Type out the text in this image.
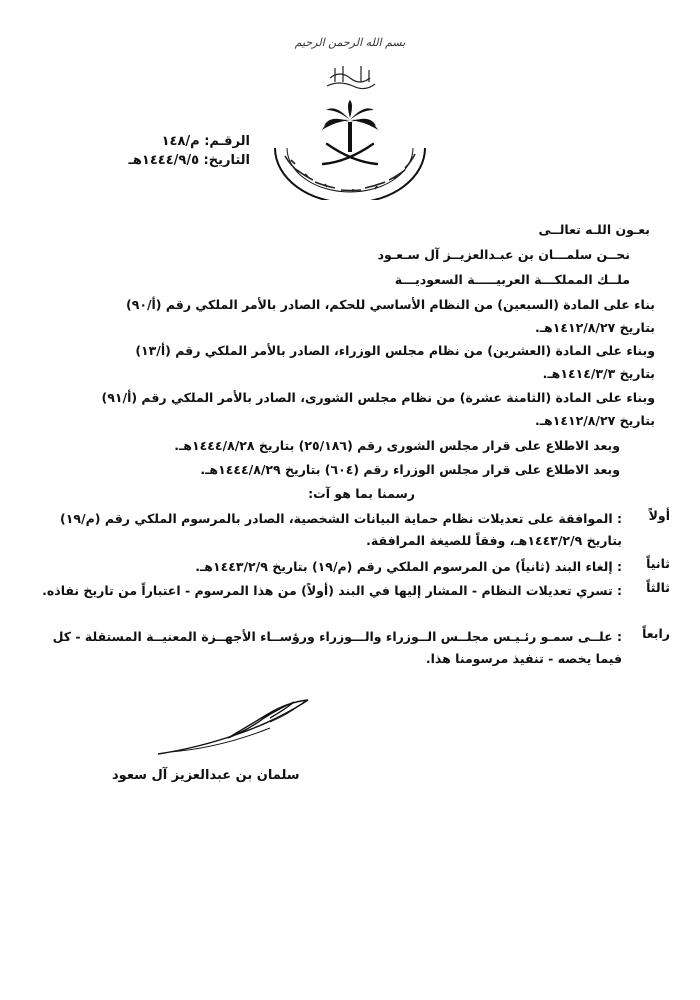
بسم الله الرحمن الرحيم
الرقـم: م/١٤٨
التاريخ: ١٤٤٤/٩/٥هـ
بعـون اللـه تعالــى
نحــن سلمـــان بن عبـدالعزيــز آل سـعـود
ملــك المملكـــة العربيـــــة السعوديـــة
بناء على المادة (السبعين) من النظام الأساسي للحكم، الصادر بالأمر الملكي رقم (أ/٩٠)
بتاريخ ١٤١٢/٨/٢٧هـ.
وبناء على المادة (العشرين) من نظام مجلس الوزراء، الصادر بالأمر الملكي رقم (أ/١٣)
بتاريخ ١٤١٤/٣/٣هـ.
وبناء على المادة (الثامنة عشرة) من نظام مجلس الشورى، الصادر بالأمر الملكي رقم (أ/٩١)
بتاريخ ١٤١٢/٨/٢٧هـ.
وبعد الاطلاع على قرار مجلس الشورى رقم (٢٥/١٨٦) بتاريخ ١٤٤٤/٨/٢٨هـ.
وبعد الاطلاع على قرار مجلس الوزراء رقم (٦٠٤) بتاريخ ١٤٤٤/٨/٢٩هـ.
رسمنا بما هو آت:
أولاً
: الموافقة على تعديلات نظام حماية البيانات الشخصية، الصادر بالمرسوم الملكي رقم (م/١٩) بتاريخ ١٤٤٣/٢/٩هـ، وفقاً للصيغة المرافقة.
ثانياً
: إلغاء البند (ثانياً) من المرسوم الملكي رقم (م/١٩) بتاريخ ١٤٤٣/٢/٩هـ.
ثالثاً
: تسري تعديلات النظام - المشار إليها في البند (أولاً) من هذا المرسوم - اعتباراً من تاريخ نفاذه.
رابعاً
: علــى سمـو رئـيـس مجلــس الــوزراء والـــوزراء ورؤســاء الأجهــزة المعنيــة المستقلة - كل فيما يخصه - تنفيذ مرسومنا هذا.
سلمان بن عبدالعزيز آل سعود
